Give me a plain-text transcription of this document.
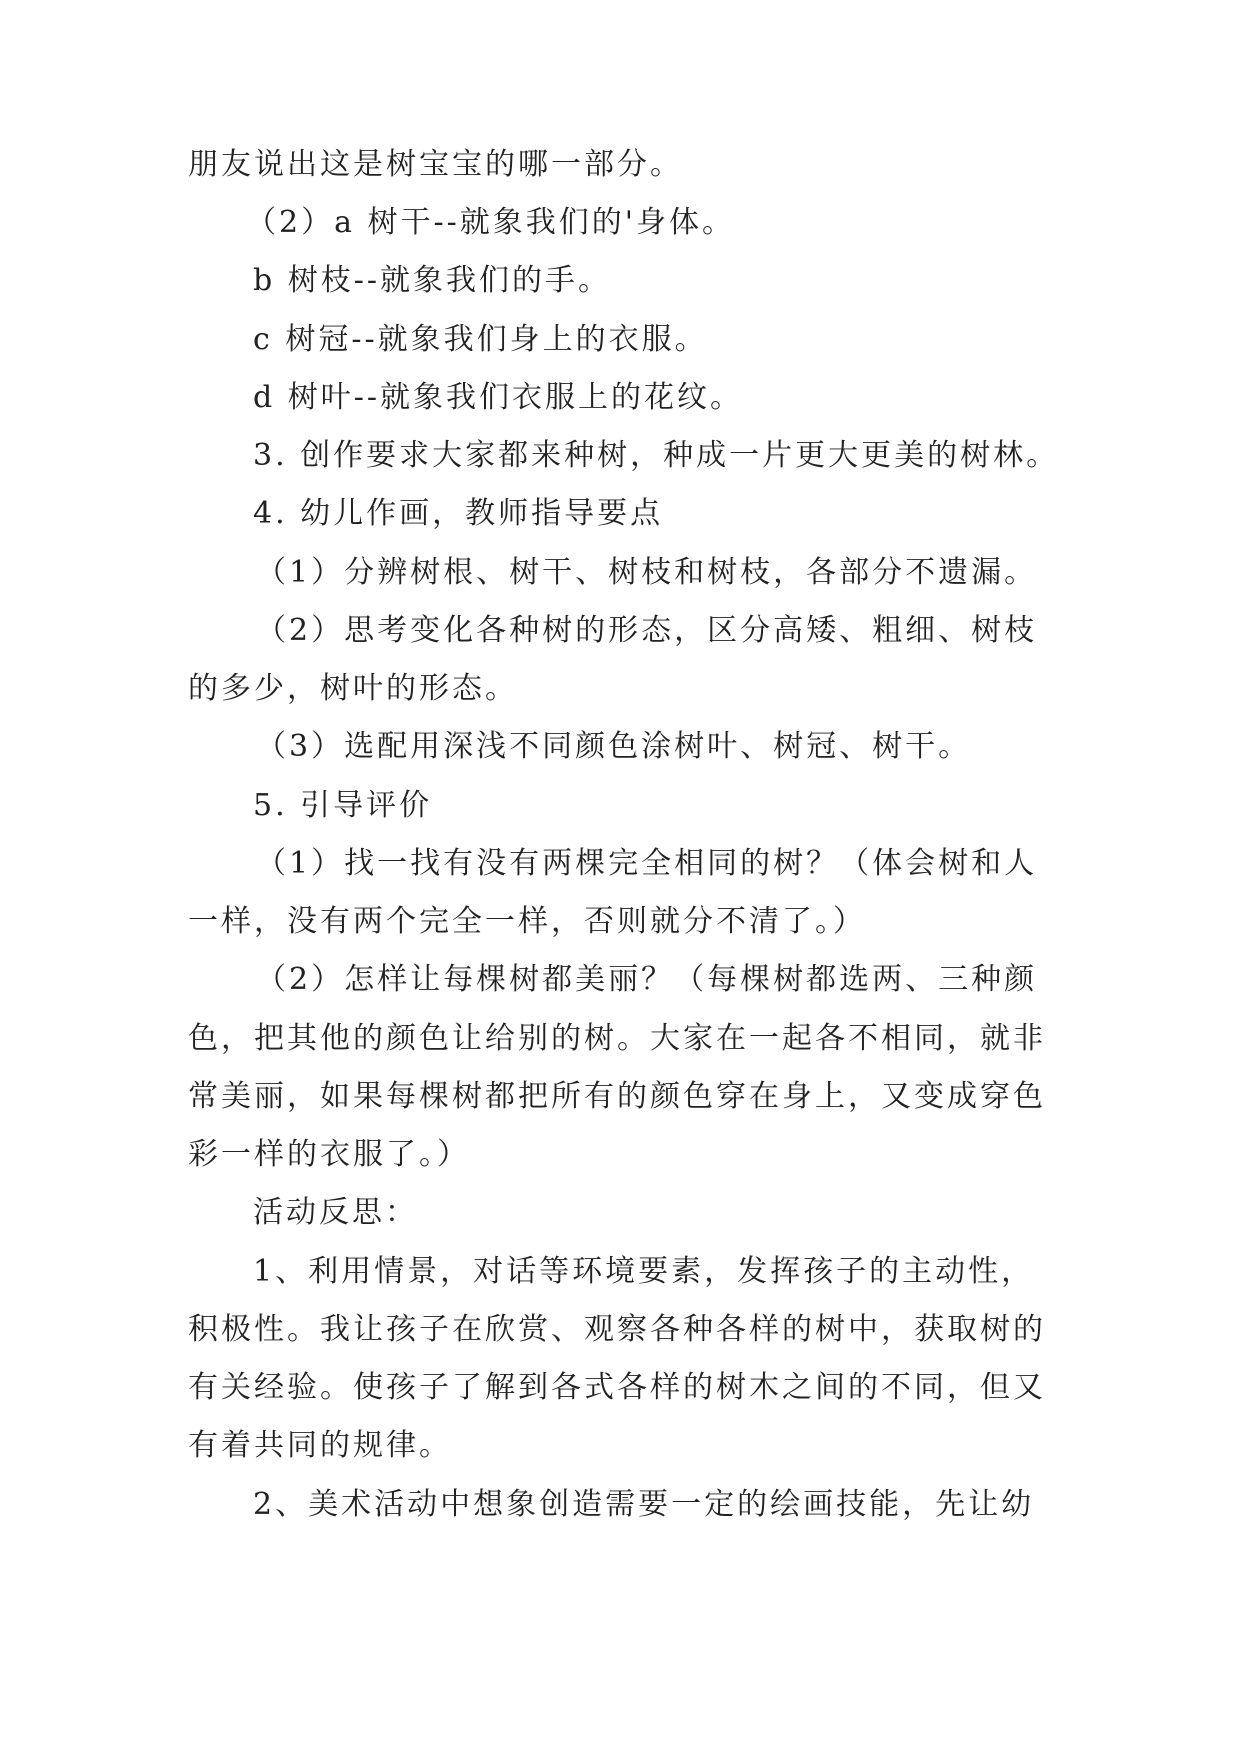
朋友说出这是树宝宝的哪一部分。
（2）a 树干--就象我们的'身体。
b 树枝--就象我们的手。
c 树冠--就象我们身上的衣服。
d 树叶--就象我们衣服上的花纹。
3. 创作要求大家都来种树，种成一片更大更美的树林。
4. 幼儿作画，教师指导要点
（1）分辨树根、树干、树枝和树枝，各部分不遗漏。
（2）思考变化各种树的形态，区分高矮、粗细、树枝
的多少，树叶的形态。
（3）选配用深浅不同颜色涂树叶、树冠、树干。
5. 引导评价
（1）找一找有没有两棵完全相同的树？（体会树和人
一样，没有两个完全一样，否则就分不清了。）
（2）怎样让每棵树都美丽？（每棵树都选两、三种颜
色，把其他的颜色让给别的树。大家在一起各不相同，就非
常美丽，如果每棵树都把所有的颜色穿在身上，又变成穿色
彩一样的衣服了。）
活动反思：
1、利用情景，对话等环境要素，发挥孩子的主动性，
积极性。我让孩子在欣赏、观察各种各样的树中，获取树的
有关经验。使孩子了解到各式各样的树木之间的不同，但又
有着共同的规律。
2、美术活动中想象创造需要一定的绘画技能，先让幼
